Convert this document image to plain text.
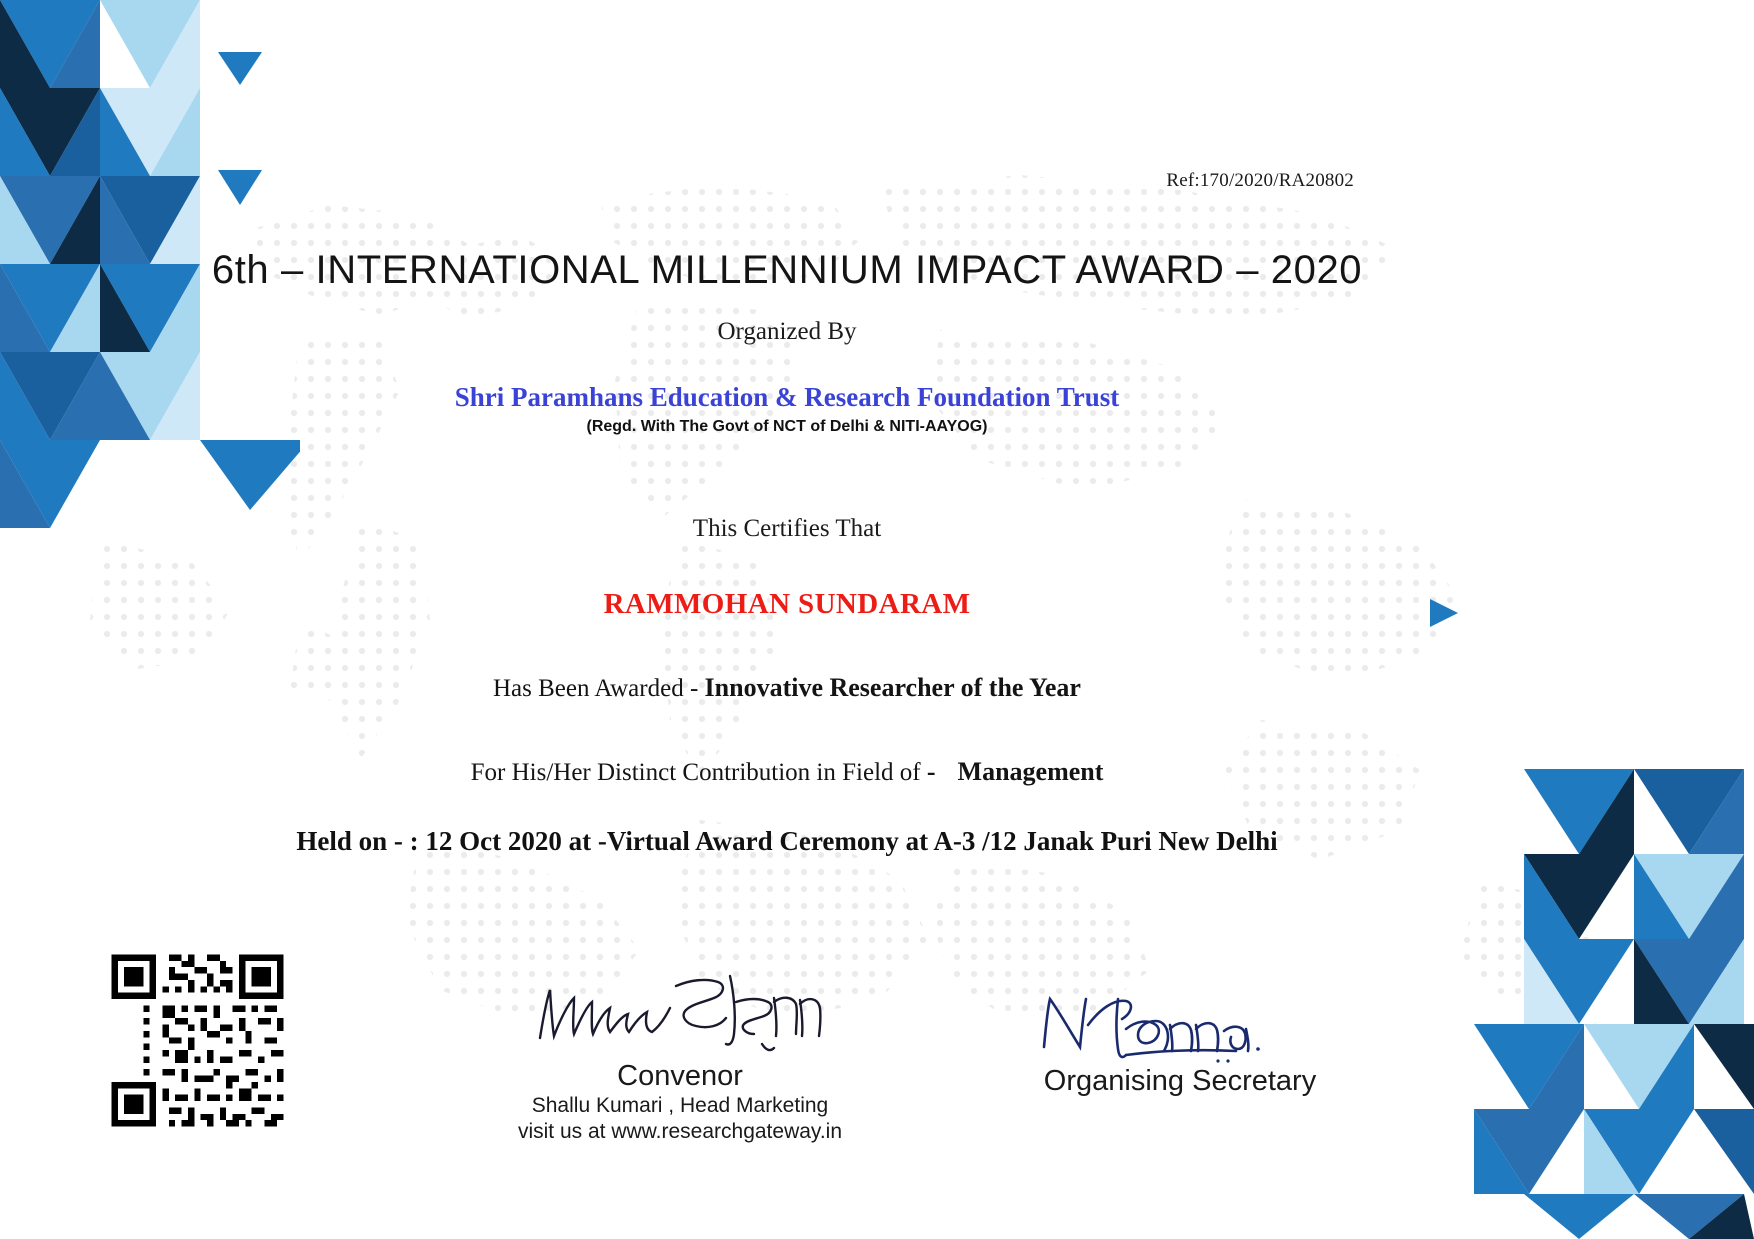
Ref:170/2020/RA20802
6th – INTERNATIONAL MILLENNIUM IMPACT AWARD – 2020
Organized By
Shri Paramhans Education & Research Foundation Trust
(Regd. With The Govt of NCT of Delhi & NITI-AAYOG)
This Certifies That
RAMMOHAN SUNDARAM
Has Been Awarded - Innovative Researcher of the Year
For His/Her Distinct Contribution in Field of - Management
Held on - : 12 Oct 2020 at -Virtual Award Ceremony at A-3 /12 Janak Puri New Delhi
Convenor
Shallu Kumari , Head Marketing
visit us at www.researchgateway.in
Organising Secretary
